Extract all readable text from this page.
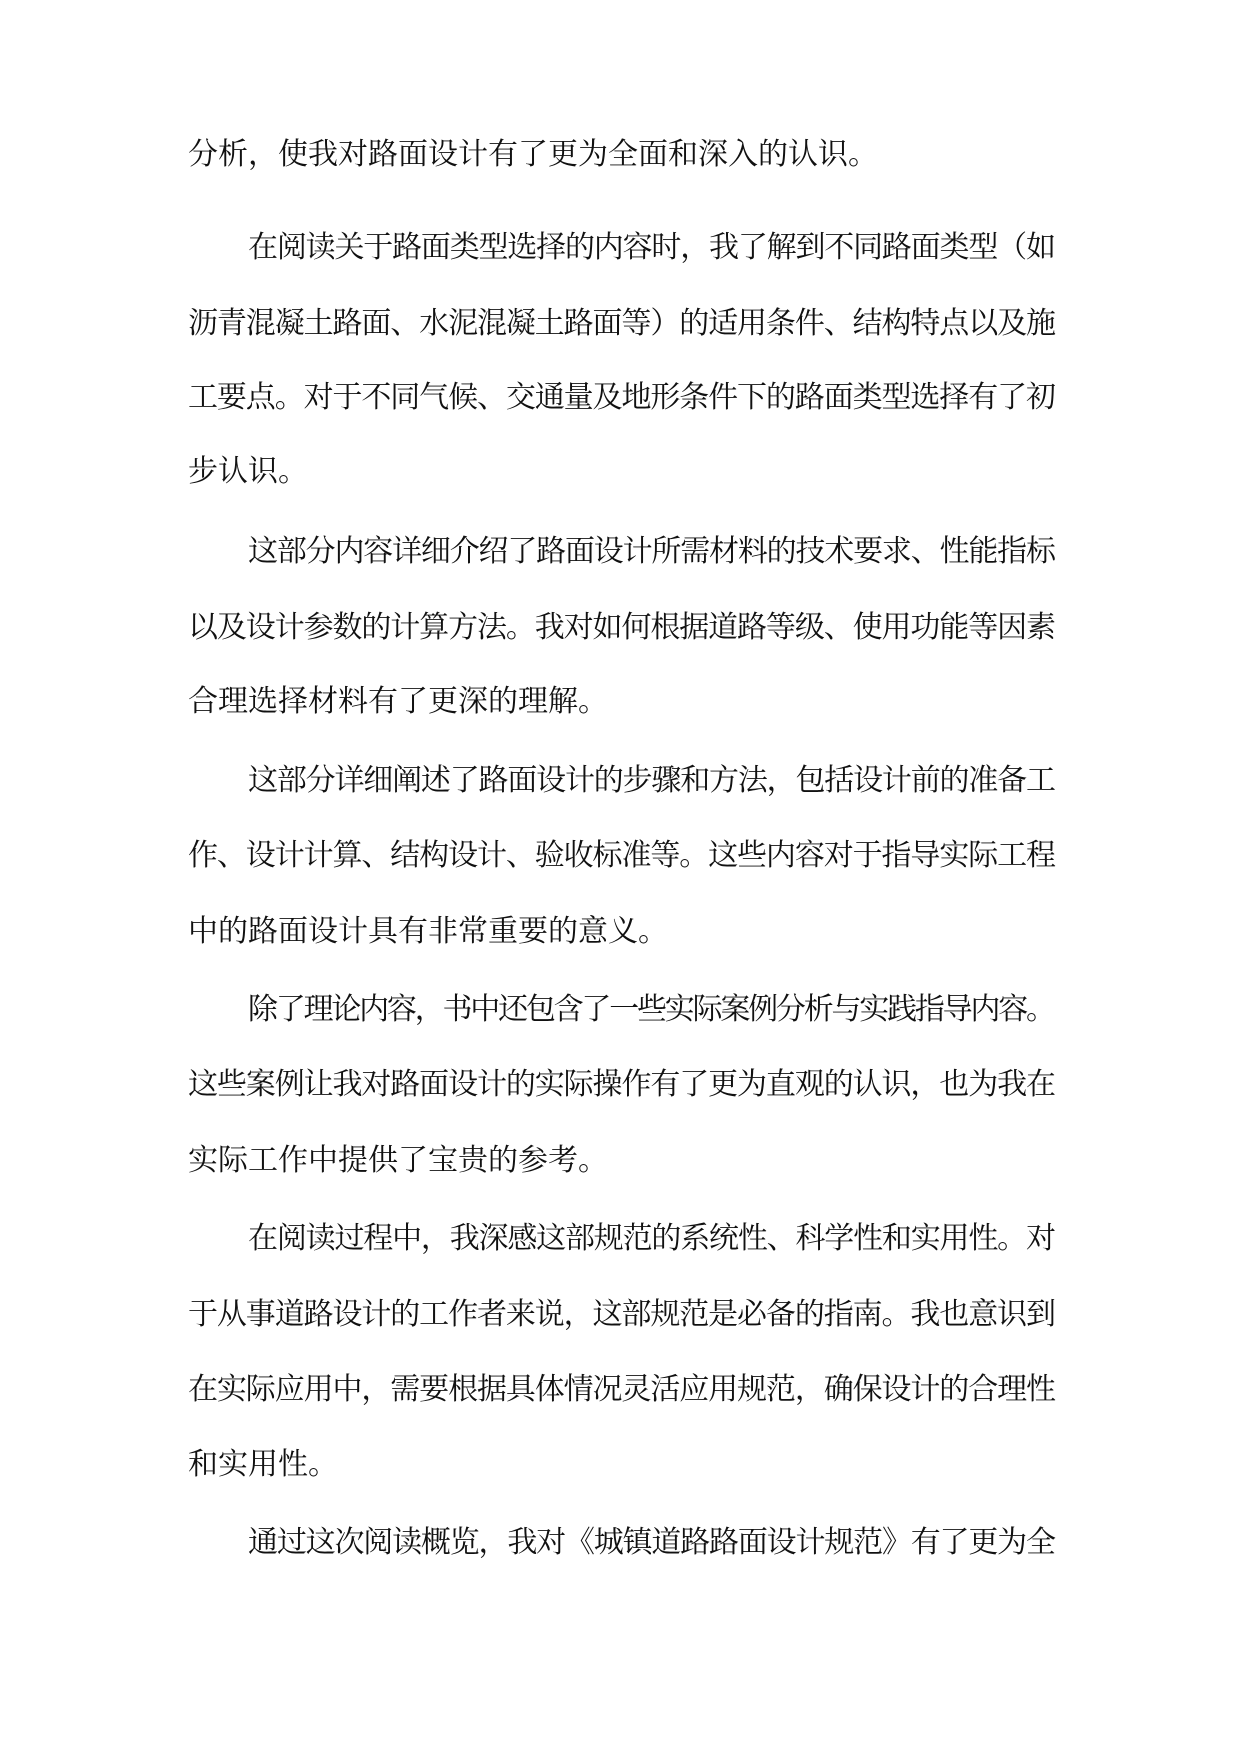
分析，使我对路面设计有了更为全面和深入的认识。
在阅读关于路面类型选择的内容时，我了解到不同路面类型（如
沥青混凝土路面、水泥混凝土路面等）的适用条件、结构特点以及施
工要点。对于不同气候、交通量及地形条件下的路面类型选择有了初
步认识。
这部分内容详细介绍了路面设计所需材料的技术要求、性能指标
以及设计参数的计算方法。我对如何根据道路等级、使用功能等因素
合理选择材料有了更深的理解。
这部分详细阐述了路面设计的步骤和方法，包括设计前的准备工
作、设计计算、结构设计、验收标准等。这些内容对于指导实际工程
中的路面设计具有非常重要的意义。
除了理论内容，书中还包含了一些实际案例分析与实践指导内容。
这些案例让我对路面设计的实际操作有了更为直观的认识，也为我在
实际工作中提供了宝贵的参考。
在阅读过程中，我深感这部规范的系统性、科学性和实用性。对
于从事道路设计的工作者来说，这部规范是必备的指南。我也意识到
在实际应用中，需要根据具体情况灵活应用规范，确保设计的合理性
和实用性。
通过这次阅读概览，我对《城镇道路路面设计规范》有了更为全
